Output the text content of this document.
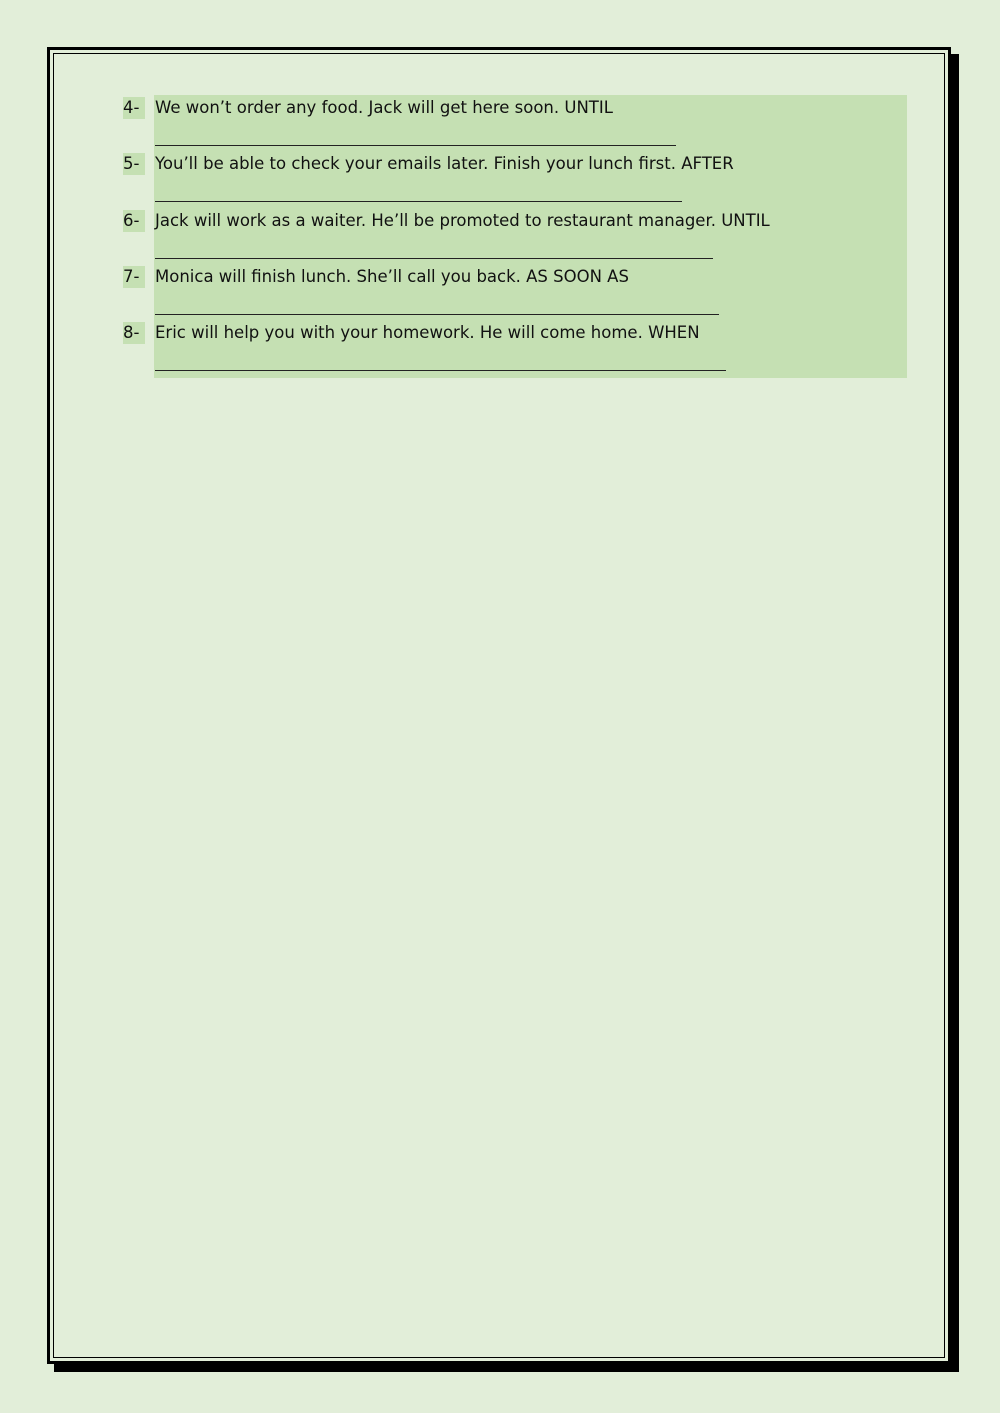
4- We won’t order any food. Jack will get here soon. UNTIL
5- You’ll be able to check your emails later. Finish your lunch first. AFTER
6- Jack will work as a waiter. He’ll be promoted to restaurant manager. UNTIL
7- Monica will finish lunch. She’ll call you back. AS SOON AS
8- Eric will help you with your homework. He will come home. WHEN
